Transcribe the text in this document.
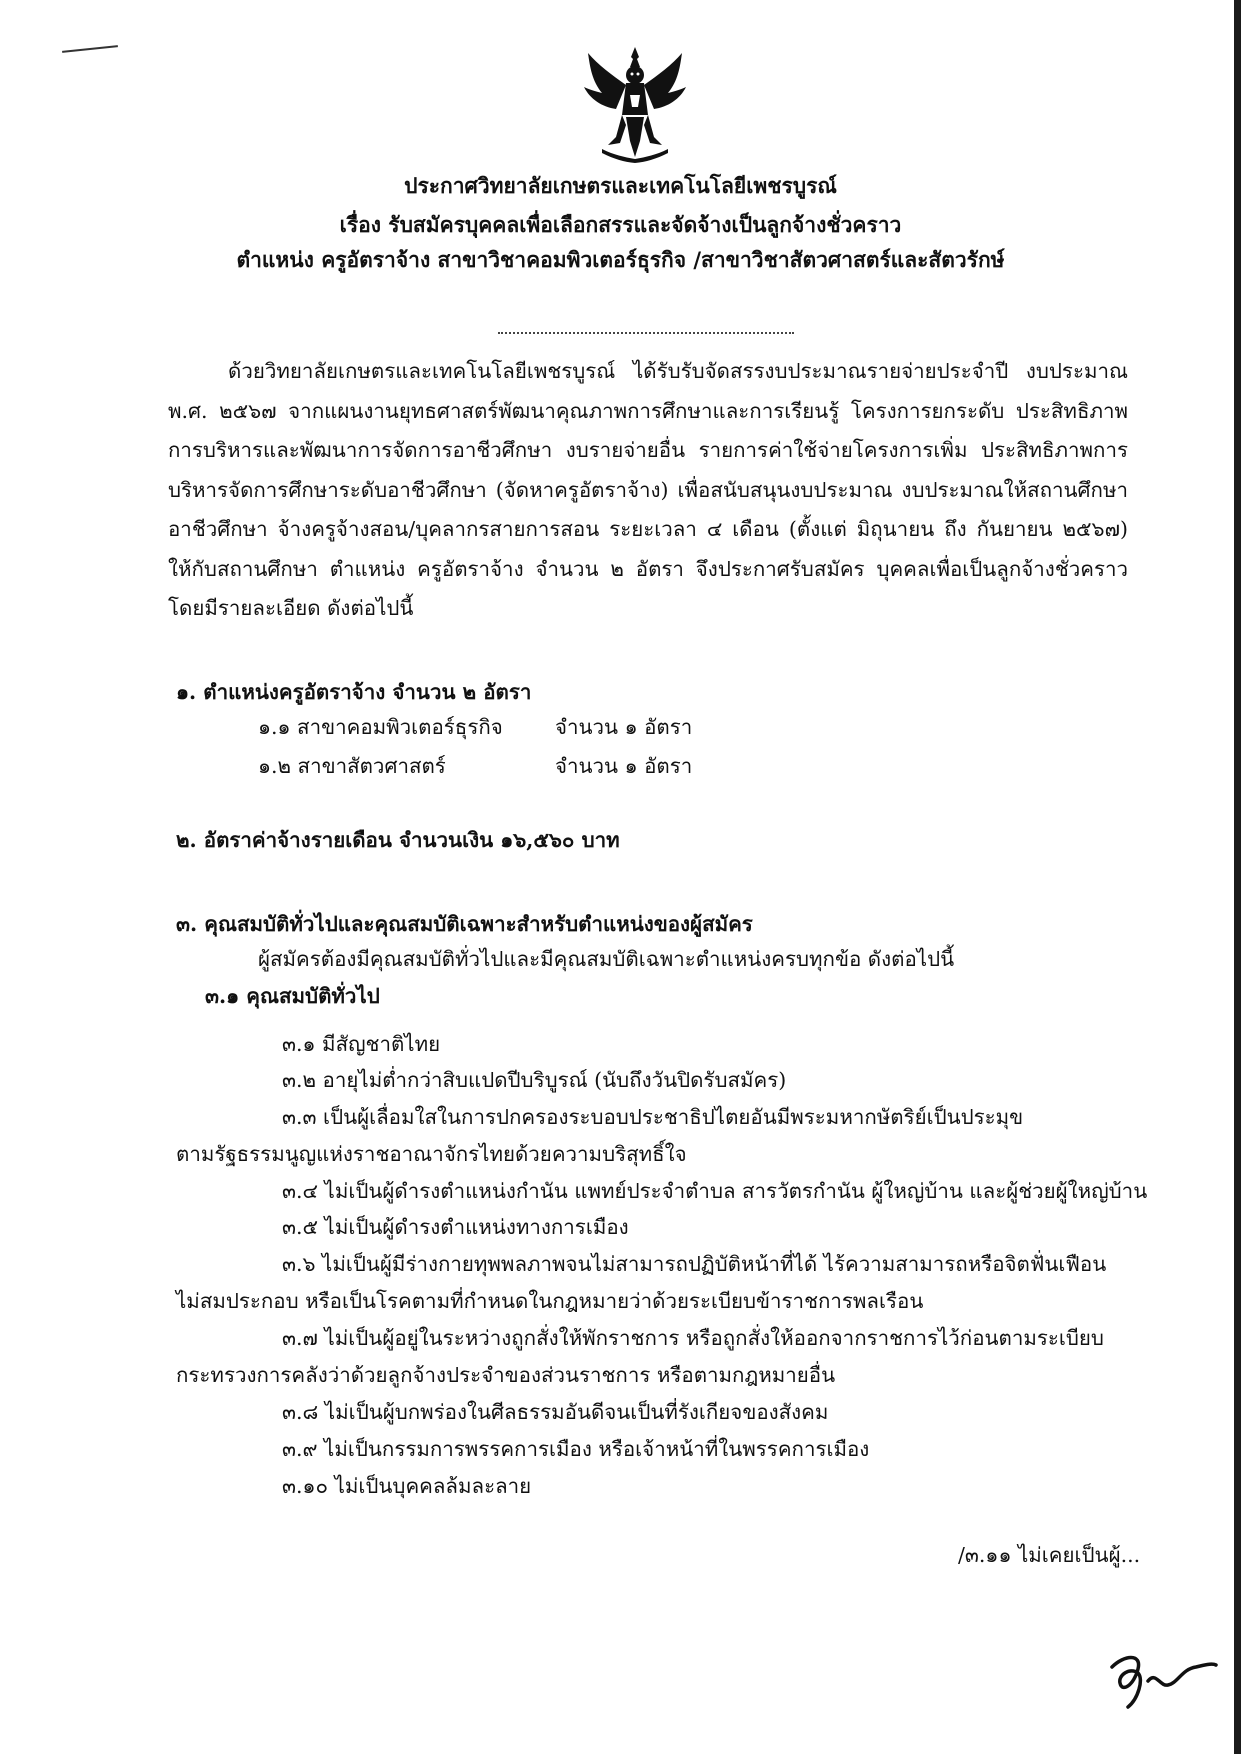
ประกาศวิทยาลัยเกษตรและเทคโนโลยีเพชรบูรณ์
เรื่อง รับสมัครบุคคลเพื่อเลือกสรรและจัดจ้างเป็นลูกจ้างชั่วคราว
ตำแหน่ง ครูอัตราจ้าง สาขาวิชาคอมพิวเตอร์ธุรกิจ /สาขาวิชาสัตวศาสตร์และสัตวรักษ์
ด้วยวิทยาลัยเกษตรและเทคโนโลยีเพชรบูรณ์ ได้รับรับจัดสรรงบประมาณรายจ่ายประจำปี งบประมาณ
พ.ศ. ๒๕๖๗ จากแผนงานยุทธศาสตร์พัฒนาคุณภาพการศึกษาและการเรียนรู้ โครงการยกระดับ ประสิทธิภาพ
การบริหารและพัฒนาการจัดการอาชีวศึกษา งบรายจ่ายอื่น รายการค่าใช้จ่ายโครงการเพิ่ม ประสิทธิภาพการ
บริหารจัดการศึกษาระดับอาชีวศึกษา (จัดหาครูอัตราจ้าง) เพื่อสนับสนุนงบประมาณ งบประมาณให้สถานศึกษา
อาชีวศึกษา จ้างครูจ้างสอน/บุคลากรสายการสอน ระยะเวลา ๔ เดือน (ตั้งแต่ มิถุนายน ถึง กันยายน ๒๕๖๗)
ให้กับสถานศึกษา ตำแหน่ง ครูอัตราจ้าง จำนวน ๒ อัตรา จึงประกาศรับสมัคร บุคคลเพื่อเป็นลูกจ้างชั่วคราว
โดยมีรายละเอียด ดังต่อไปนี้
๑. ตำแหน่งครูอัตราจ้าง จำนวน ๒ อัตรา
๑.๑ สาขาคอมพิวเตอร์ธุรกิจ	จำนวน ๑ อัตรา
๑.๒ สาขาสัตวศาสตร์	จำนวน ๑ อัตรา
๒. อัตราค่าจ้างรายเดือน จำนวนเงิน ๑๖,๕๖๐ บาท
๓. คุณสมบัติทั่วไปและคุณสมบัติเฉพาะสำหรับตำแหน่งของผู้สมัคร
ผู้สมัครต้องมีคุณสมบัติทั่วไปและมีคุณสมบัติเฉพาะตำแหน่งครบทุกข้อ ดังต่อไปนี้
๓.๑ คุณสมบัติทั่วไป
๓.๑ มีสัญชาติไทย
๓.๒ อายุไม่ต่ำกว่าสิบแปดปีบริบูรณ์ (นับถึงวันปิดรับสมัคร)
๓.๓ เป็นผู้เลื่อมใสในการปกครองระบอบประชาธิปไตยอันมีพระมหากษัตริย์เป็นประมุข
ตามรัฐธรรมนูญแห่งราชอาณาจักรไทยด้วยความบริสุทธิ์ใจ
๓.๔ ไม่เป็นผู้ดำรงตำแหน่งกำนัน แพทย์ประจำตำบล สารวัตรกำนัน ผู้ใหญ่บ้าน และผู้ช่วยผู้ใหญ่บ้าน
๓.๕ ไม่เป็นผู้ดำรงตำแหน่งทางการเมือง
๓.๖ ไม่เป็นผู้มีร่างกายทุพพลภาพจนไม่สามารถปฏิบัติหน้าที่ได้ ไร้ความสามารถหรือจิตฟั่นเฟือน
ไม่สมประกอบ หรือเป็นโรคตามที่กำหนดในกฎหมายว่าด้วยระเบียบข้าราชการพลเรือน
๓.๗ ไม่เป็นผู้อยู่ในระหว่างถูกสั่งให้พักราชการ หรือถูกสั่งให้ออกจากราชการไว้ก่อนตามระเบียบ
กระทรวงการคลังว่าด้วยลูกจ้างประจำของส่วนราชการ หรือตามกฎหมายอื่น
๓.๘ ไม่เป็นผู้บกพร่องในศีลธรรมอันดีจนเป็นที่รังเกียจของสังคม
๓.๙ ไม่เป็นกรรมการพรรคการเมือง หรือเจ้าหน้าที่ในพรรคการเมือง
๓.๑๐ ไม่เป็นบุคคลล้มละลาย
/๓.๑๑ ไม่เคยเป็นผู้...
